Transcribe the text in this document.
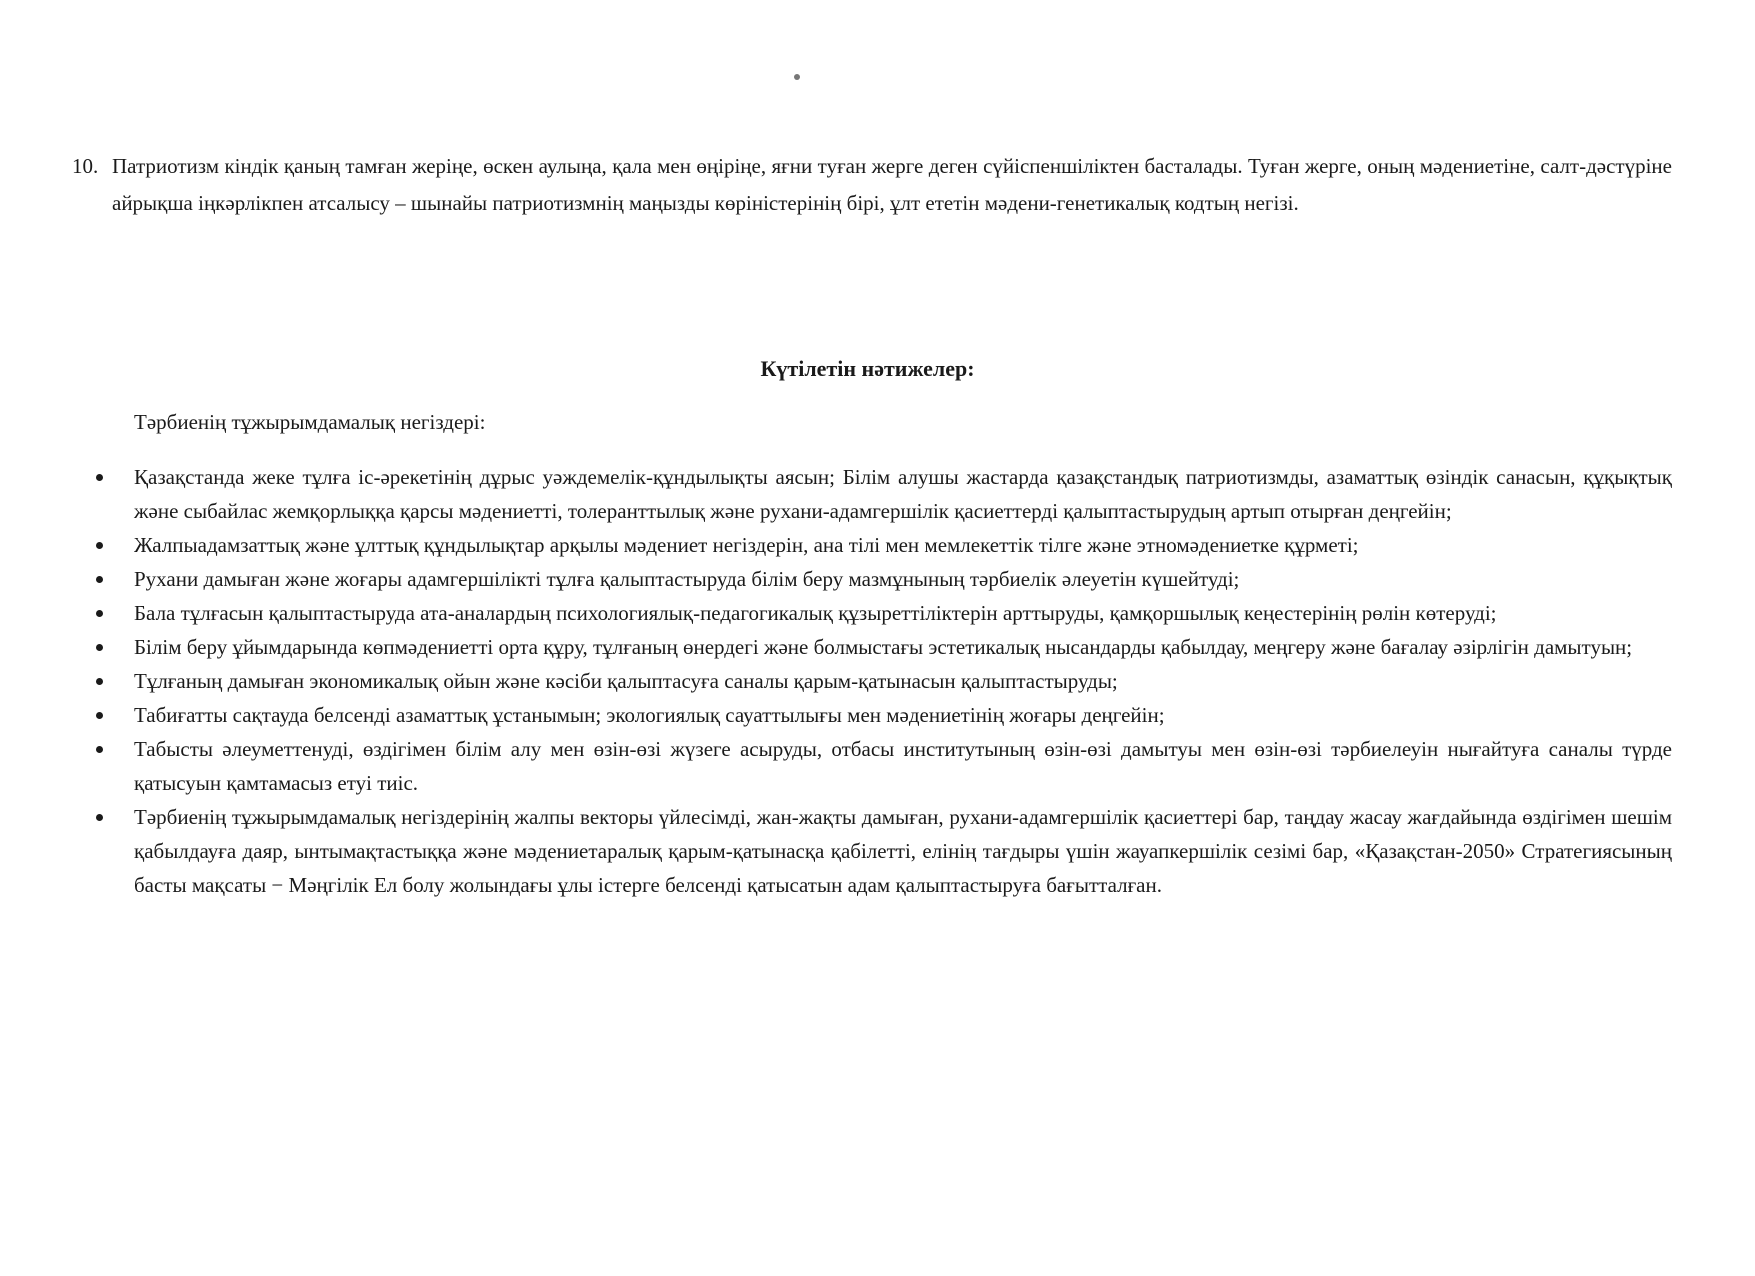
10. Патриотизм кіндік қаның тамған жеріңе, өскен аулыңа, қала мен өңіріңе, яғни туған жерге деген сүйіспеншіліктен басталады. Туған жерге, оның мәдениетіне, салт-дәстүріне айрықша іңкәрлікпен атсалысу – шынайы патриотизмнің маңызды көріністерінің бірі, ұлт ететін мәдени-генетикалық кодтың негізі.
Күтілетін нәтижелер:
Тәрбиенің тұжырымдамалық негіздері:
Қазақстанда жеке тұлға іс-әрекетінің дұрыс уәждемелік-құндылықты аясын; Білім алушы жастарда қазақстандық патриотизмды, азаматтық өзіндік санасын, құқықтық және сыбайлас жемқорлыққа қарсы мәдениетті, толеранттылық және рухани-адамгершілік қасиеттерді қалыптастырудың артып отырған деңгейін;
Жалпыадамзаттық және ұлттық құндылықтар арқылы мәдениет негіздерін, ана тілі мен мемлекеттік тілге және этномәдениетке құрметі;
Рухани дамыған және жоғары адамгершілікті тұлға қалыптастыруда білім беру мазмұнының тәрбиелік әлеуетін күшейтуді;
Бала тұлғасын қалыптастыруда ата-аналардың психологиялық-педагогикалық құзыреттіліктерін арттыруды, қамқоршылық кеңестерінің рөлін көтеруді;
Білім беру ұйымдарында көпмәдениетті орта құру, тұлғаның өнердегі және болмыстағы эстетикалық нысандарды қабылдау, меңгеру және бағалау әзірлігін дамытуын;
Тұлғаның дамыған экономикалық ойын және кәсіби қалыптасуға саналы қарым-қатынасын қалыптастыруды;
Табиғатты сақтауда белсенді азаматтық ұстанымын; экологиялық сауаттылығы мен мәдениетінің жоғары деңгейін;
Табысты әлеуметтенуді, өздігімен білім алу мен өзін-өзі жүзеге асыруды, отбасы институтының өзін-өзі дамытуы мен өзін-өзі тәрбиелеуін нығайтуға саналы түрде қатысуын қамтамасыз етуі тиіс.
Тәрбиенің тұжырымдамалық негіздерінің жалпы векторы үйлесімді, жан-жақты дамыған, рухани-адамгершілік қасиеттері бар, таңдау жасау жағдайында өздігімен шешім қабылдауға даяр, ынтымақтастыққа және мәдениетаралық қарым-қатынасқа қабілетті, елінің тағдыры үшін жауапкершілік сезімі бар, «Қазақстан-2050» Стратегиясының басты мақсаты − Мәңгілік Ел болу жолындағы ұлы істерге белсенді қатысатын адам қалыптастыруға бағытталған.
